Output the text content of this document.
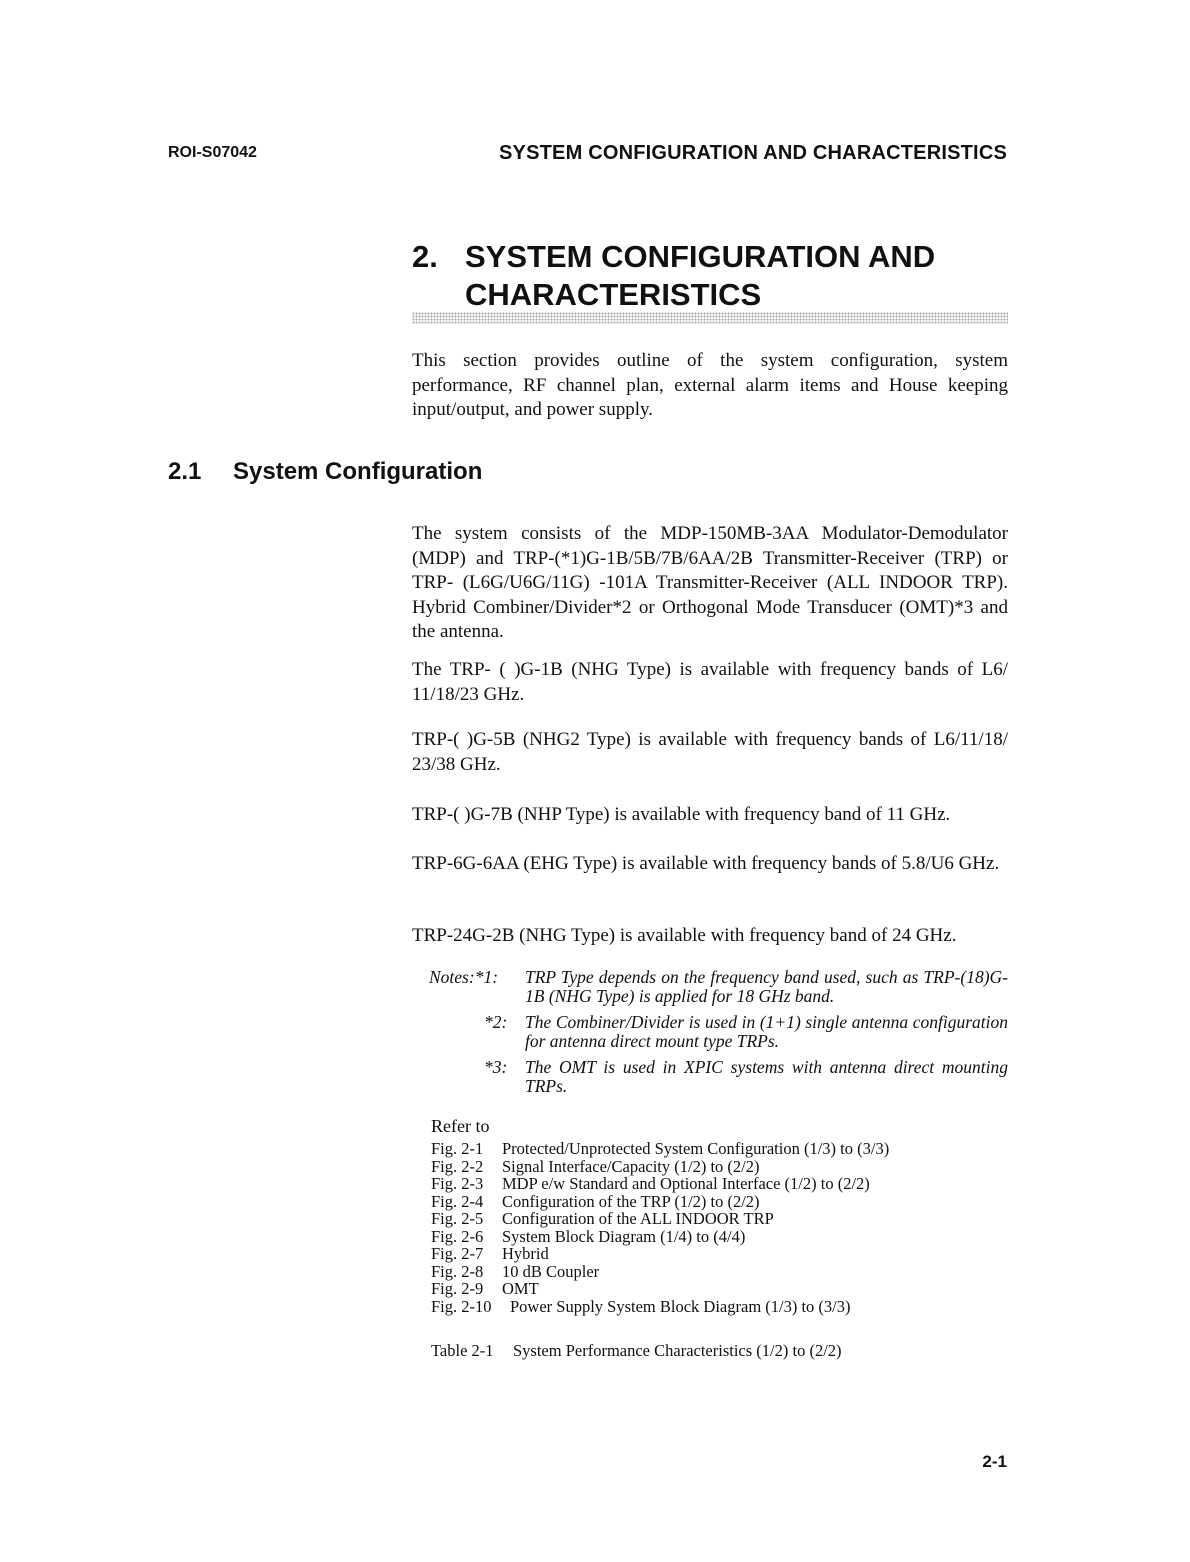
ROI-S07042	SYSTEM CONFIGURATION AND CHARACTERISTICS
2. SYSTEM CONFIGURATION AND CHARACTERISTICS

This section provides outline of the system configuration, system performance, RF channel plan, external alarm items and House keeping input/output, and power supply.

2.1 System Configuration

The system consists of the MDP-150MB-3AA Modulator-Demodulator (MDP) and TRP-(*1)G-1B/5B/7B/6AA/2B Transmitter-Receiver (TRP) or TRP- (L6G/U6G/11G) -101A Transmitter-Receiver (ALL INDOOR TRP). Hybrid Combiner/Divider*2 or Orthogonal Mode Transducer (OMT)*3 and the antenna.

The TRP- ( )G-1B (NHG Type) is available with frequency bands of L6/ 11/18/23 GHz.

TRP-( )G-5B (NHG2 Type) is available with frequency bands of L6/11/18/ 23/38 GHz.

TRP-( )G-7B (NHP Type) is available with frequency band of 11 GHz.

TRP-6G-6AA (EHG Type) is available with frequency bands of 5.8/U6 GHz.

TRP-24G-2B (NHG Type) is available with frequency band of 24 GHz.

Notes:*1:	TRP Type depends on the frequency band used, such as TRP-(18)G-1B (NHG Type) is applied for 18 GHz band.
*2:	The Combiner/Divider is used in (1+1) single antenna configuration for antenna direct mount type TRPs.
*3:	The OMT is used in XPIC systems with antenna direct mounting TRPs.
Refer to
Fig. 2-1	Protected/Unprotected System Configuration (1/3) to (3/3)
Fig. 2-2	Signal Interface/Capacity (1/2) to (2/2)
Fig. 2-3	MDP e/w Standard and Optional Interface (1/2) to (2/2)
Fig. 2-4	Configuration of the TRP (1/2) to (2/2)
Fig. 2-5	Configuration of the ALL INDOOR TRP
Fig. 2-6	System Block Diagram (1/4) to (4/4)
Fig. 2-7	Hybrid
Fig. 2-8	10 dB Coupler
Fig. 2-9	OMT
Fig. 2-10	Power Supply System Block Diagram (1/3) to (3/3)
Table 2-1 System Performance Characteristics (1/2) to (2/2)
2-1
